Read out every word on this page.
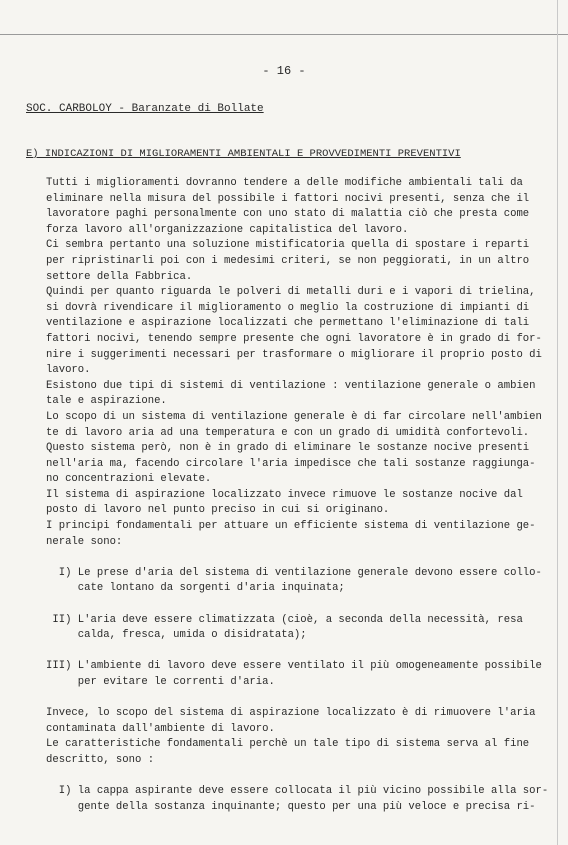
- 16 -
SOC. CARBOLOY - Baranzate di Bollate
E) INDICAZIONI DI MIGLIORAMENTI AMBIENTALI E PROVVEDIMENTI PREVENTIVI
Tutti i miglioramenti dovranno tendere a delle modifiche ambientali tali da
eliminare nella misura del possibile i fattori nocivi presenti, senza che il
lavoratore paghi personalmente con uno stato di malattia ciò che presta come
forza lavoro all'organizzazione capitalistica del lavoro.
Ci sembra pertanto una soluzione mistificatoria quella di spostare i reparti
per ripristinarli poi con i medesimi criteri, se non peggiorati, in un altro
settore della Fabbrica.
Quindi per quanto riguarda le polveri di metalli duri e i vapori di trielina,
si dovrà rivendicare il miglioramento o meglio la costruzione di impianti di
ventilazione e aspirazione localizzati che permettano l'eliminazione di tali
fattori nocivi, tenendo sempre presente che ogni lavoratore è in grado di for-
nire i suggerimenti necessari per trasformare o migliorare il proprio posto di
lavoro.
Esistono due tipi di sistemi di ventilazione : ventilazione generale o ambien
tale e aspirazione.
Lo scopo di un sistema di ventilazione generale è di far circolare nell'ambien
te di lavoro aria ad una temperatura e con un grado di umidità confortevoli.
Questo sistema però, non è in grado di eliminare le sostanze nocive presenti
nell'aria ma, facendo circolare l'aria impedisce che tali sostanze raggiunga-
no concentrazioni elevate.
Il sistema di aspirazione localizzato invece rimuove le sostanze nocive dal
posto di lavoro nel punto preciso in cui si originano.
I principi fondamentali per attuare un efficiente sistema di ventilazione ge-
nerale sono:
I) Le prese d'aria del sistema di ventilazione generale devono essere collo-
cate lontano da sorgenti d'aria inquinata;
II) L'aria deve essere climatizzata (cioè, a seconda della necessità, resa
calda, fresca, umida o disidratata);
III) L'ambiente di lavoro deve essere ventilato il più omogeneamente possibile
per evitare le correnti d'aria.
Invece, lo scopo del sistema di aspirazione localizzato è di rimuovere l'aria
contaminata dall'ambiente di lavoro.
Le caratteristiche fondamentali perchè un tale tipo di sistema serva al fine
descritto, sono :
I) la cappa aspirante deve essere collocata il più vicino possibile alla sor-
gente della sostanza inquinante; questo per una più veloce e precisa ri-
